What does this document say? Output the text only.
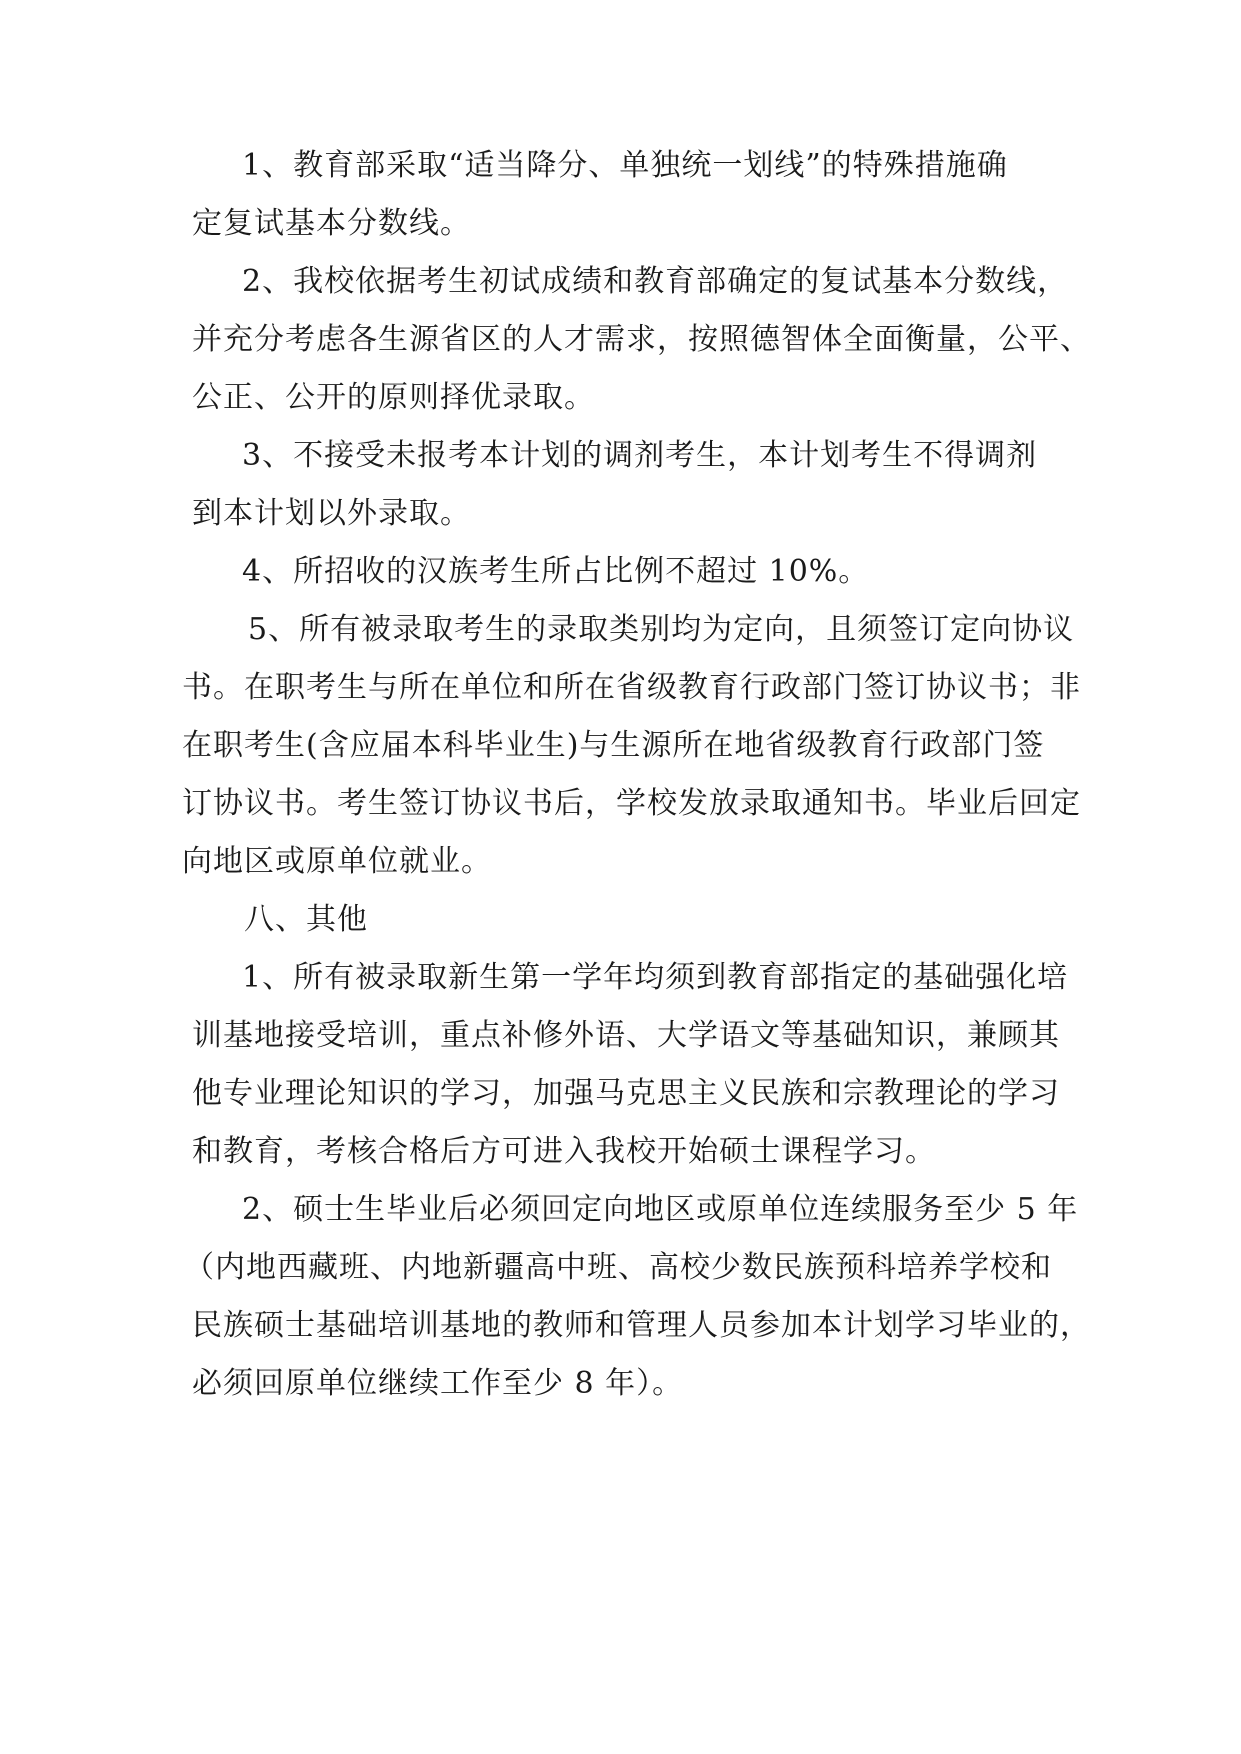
1、教育部采取“适当降分、单独统一划线”的特殊措施确
定复试基本分数线。
2、我校依据考生初试成绩和教育部确定的复试基本分数线，
并充分考虑各生源省区的人才需求，按照德智体全面衡量，公平、
公正、公开的原则择优录取。
3、不接受未报考本计划的调剂考生，本计划考生不得调剂
到本计划以外录取。
4、所招收的汉族考生所占比例不超过 10%。
5、所有被录取考生的录取类别均为定向，且须签订定向协议
书。在职考生与所在单位和所在省级教育行政部门签订协议书；非
在职考生(含应届本科毕业生)与生源所在地省级教育行政部门签
订协议书。考生签订协议书后，学校发放录取通知书。毕业后回定
向地区或原单位就业。
八、其他
1、所有被录取新生第一学年均须到教育部指定的基础强化培
训基地接受培训，重点补修外语、大学语文等基础知识，兼顾其
他专业理论知识的学习，加强马克思主义民族和宗教理论的学习
和教育，考核合格后方可进入我校开始硕士课程学习。
2、硕士生毕业后必须回定向地区或原单位连续服务至少 5 年
（内地西藏班、内地新疆高中班、高校少数民族预科培养学校和
民族硕士基础培训基地的教师和管理人员参加本计划学习毕业的，
必须回原单位继续工作至少 8 年）。
